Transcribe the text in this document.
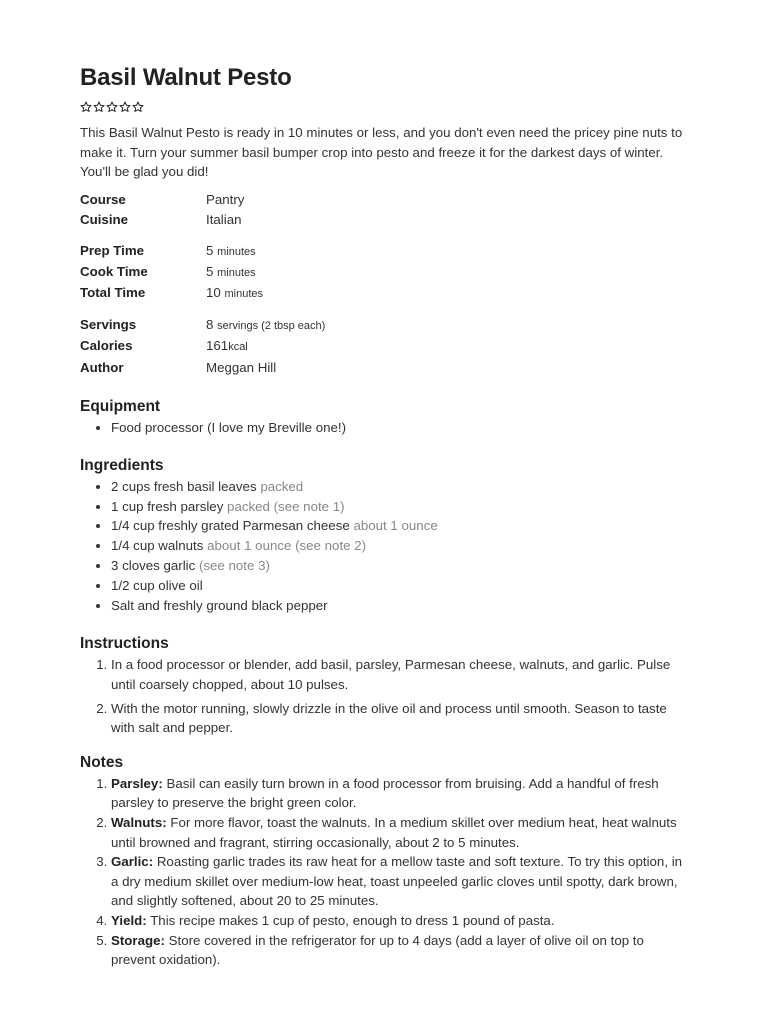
Basil Walnut Pesto

This Basil Walnut Pesto is ready in 10 minutes or less, and you don't even need the pricey pine nuts to make it. Turn your summer basil bumper crop into pesto and freeze it for the darkest days of winter. You'll be glad you did!

Course	Pantry
Cuisine	Italian
Prep Time	5 minutes
Cook Time	5 minutes
Total Time	10 minutes
Servings	8 servings (2 tbsp each)
Calories	161kcal
Author	Meggan Hill
Equipment
• Food processor (I love my Breville one!)
Ingredients
• 2 cups fresh basil leaves packed
• 1 cup fresh parsley packed (see note 1)
• 1/4 cup freshly grated Parmesan cheese about 1 ounce
• 1/4 cup walnuts about 1 ounce (see note 2)
• 3 cloves garlic (see note 3)
• 1/2 cup olive oil
• Salt and freshly ground black pepper
Instructions
1. In a food processor or blender, add basil, parsley, Parmesan cheese, walnuts, and garlic. Pulse until coarsely chopped, about 10 pulses.
2. With the motor running, slowly drizzle in the olive oil and process until smooth. Season to taste with salt and pepper.
Notes
1. Parsley: Basil can easily turn brown in a food processor from bruising. Add a handful of fresh parsley to preserve the bright green color.
2. Walnuts: For more flavor, toast the walnuts. In a medium skillet over medium heat, heat walnuts until browned and fragrant, stirring occasionally, about 2 to 5 minutes.
3. Garlic: Roasting garlic trades its raw heat for a mellow taste and soft texture. To try this option, in a dry medium skillet over medium-low heat, toast unpeeled garlic cloves until spotty, dark brown, and slightly softened, about 20 to 25 minutes.
4. Yield: This recipe makes 1 cup of pesto, enough to dress 1 pound of pasta.
5. Storage: Store covered in the refrigerator for up to 4 days (add a layer of olive oil on top to prevent oxidation).
